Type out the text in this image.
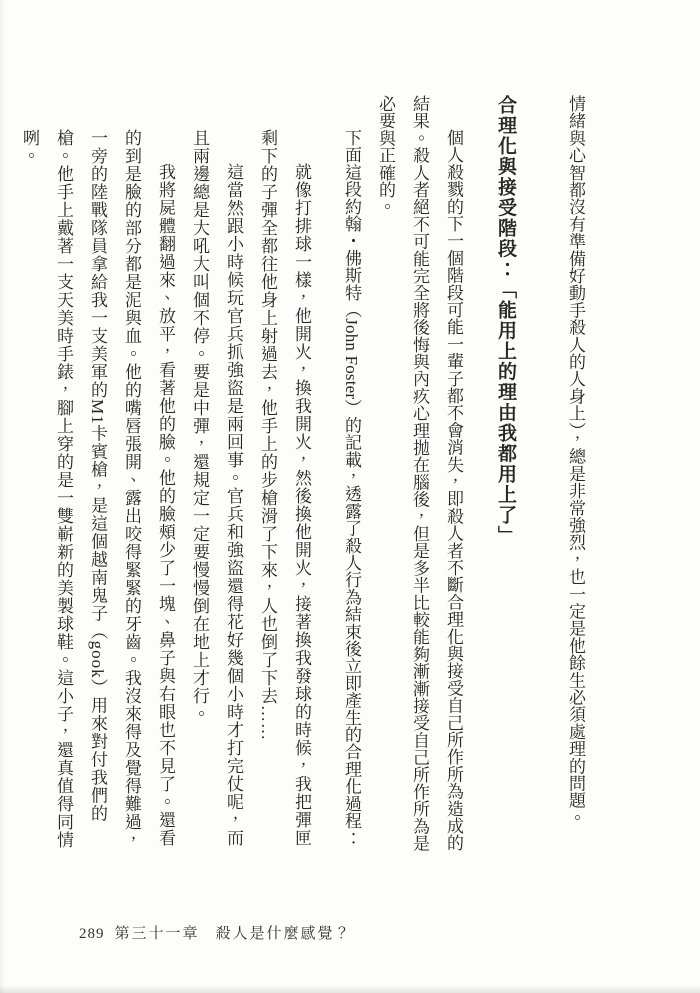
情緒與心智都沒有準備好動手殺人的人身上），總是非常強烈，也一定是他餘生必須處理的問題。

合理化與接受階段：「能用上的理由我都用上了」

個人殺戮的下一個階段可能一輩子都不會消失，即殺人者不斷合理化與接受自己所作所為造成的結果。殺人者絕不可能完全將後悔與內疚心理拋在腦後，但是多半比較能夠漸漸接受自己所作所為是必要與正確的。

下面這段約翰・佛斯特（John Foster）的記載，透露了殺人行為結束後立即產生的合理化過程：

就像打排球一樣，他開火，換我開火，然後換他開火，接著換我發球的時候，我把彈匣剩下的子彈全都往他身上射過去，他手上的步槍滑了下來，人也倒了下去……

這當然跟小時候玩官兵抓強盜是兩回事。官兵和強盜還得花好幾個小時才打完仗呢，而且兩邊總是大吼大叫個不停。要是中彈，還規定一定要慢慢倒在地上才行。

我將屍體翻過來、放平，看著他的臉。他的臉頰少了一塊、鼻子與右眼也不見了。還看的到是臉的部分都是泥與血。他的嘴唇張開、露出咬得緊緊的牙齒。我沒來得及覺得難過，一旁的陸戰隊員拿給我一支美軍的M1卡賓槍，是這個越南鬼子（gook）用來對付我們的槍。他手上戴著一支天美時手錶，腳上穿的是一雙嶄新的美製球鞋。這小子，還真值得同情咧。

289 第三十一章 殺人是什麼感覺？
